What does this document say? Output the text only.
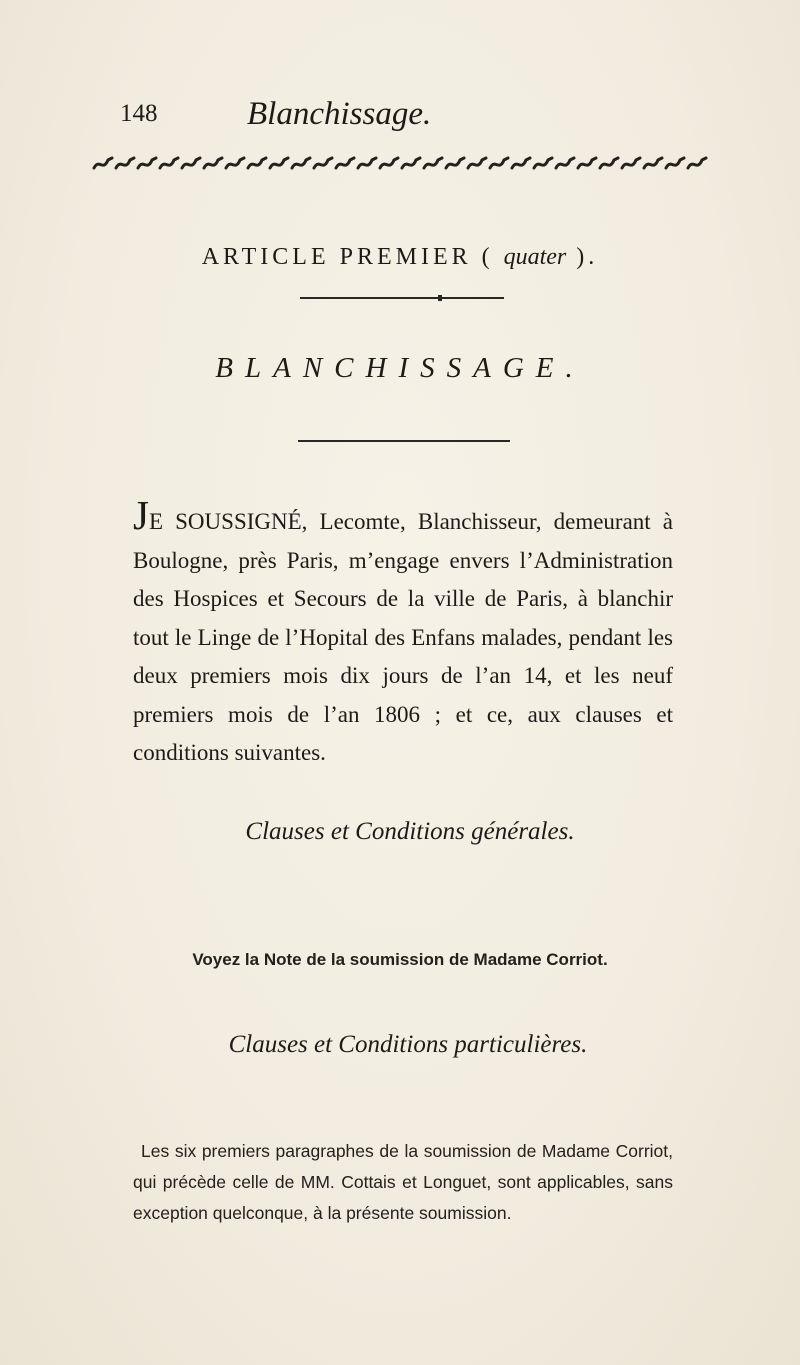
148	Blanchissage.
ARTICLE PREMIER ( quater ).
BLANCHISSAGE.
JE SOUSSIGNÉ, Lecomte, Blanchisseur, demeurant à Boulogne, près Paris, m’engage envers l’Administration des Hospices et Secours de la ville de Paris, à blanchir tout le Linge de l’Hopital des Enfans malades, pendant les deux premiers mois dix jours de l’an 14, et les neuf premiers mois de l’an 1806 ; et ce, aux clauses et conditions suivantes.
Clauses et Conditions générales.
Voyez la Note de la soumission de Madame Corriot.
Clauses et Conditions particulières.
Les six premiers paragraphes de la soumission de Madame Corriot, qui précède celle de MM. Cottais et Longuet, sont applicables, sans exception quelconque, à la présente soumission.
